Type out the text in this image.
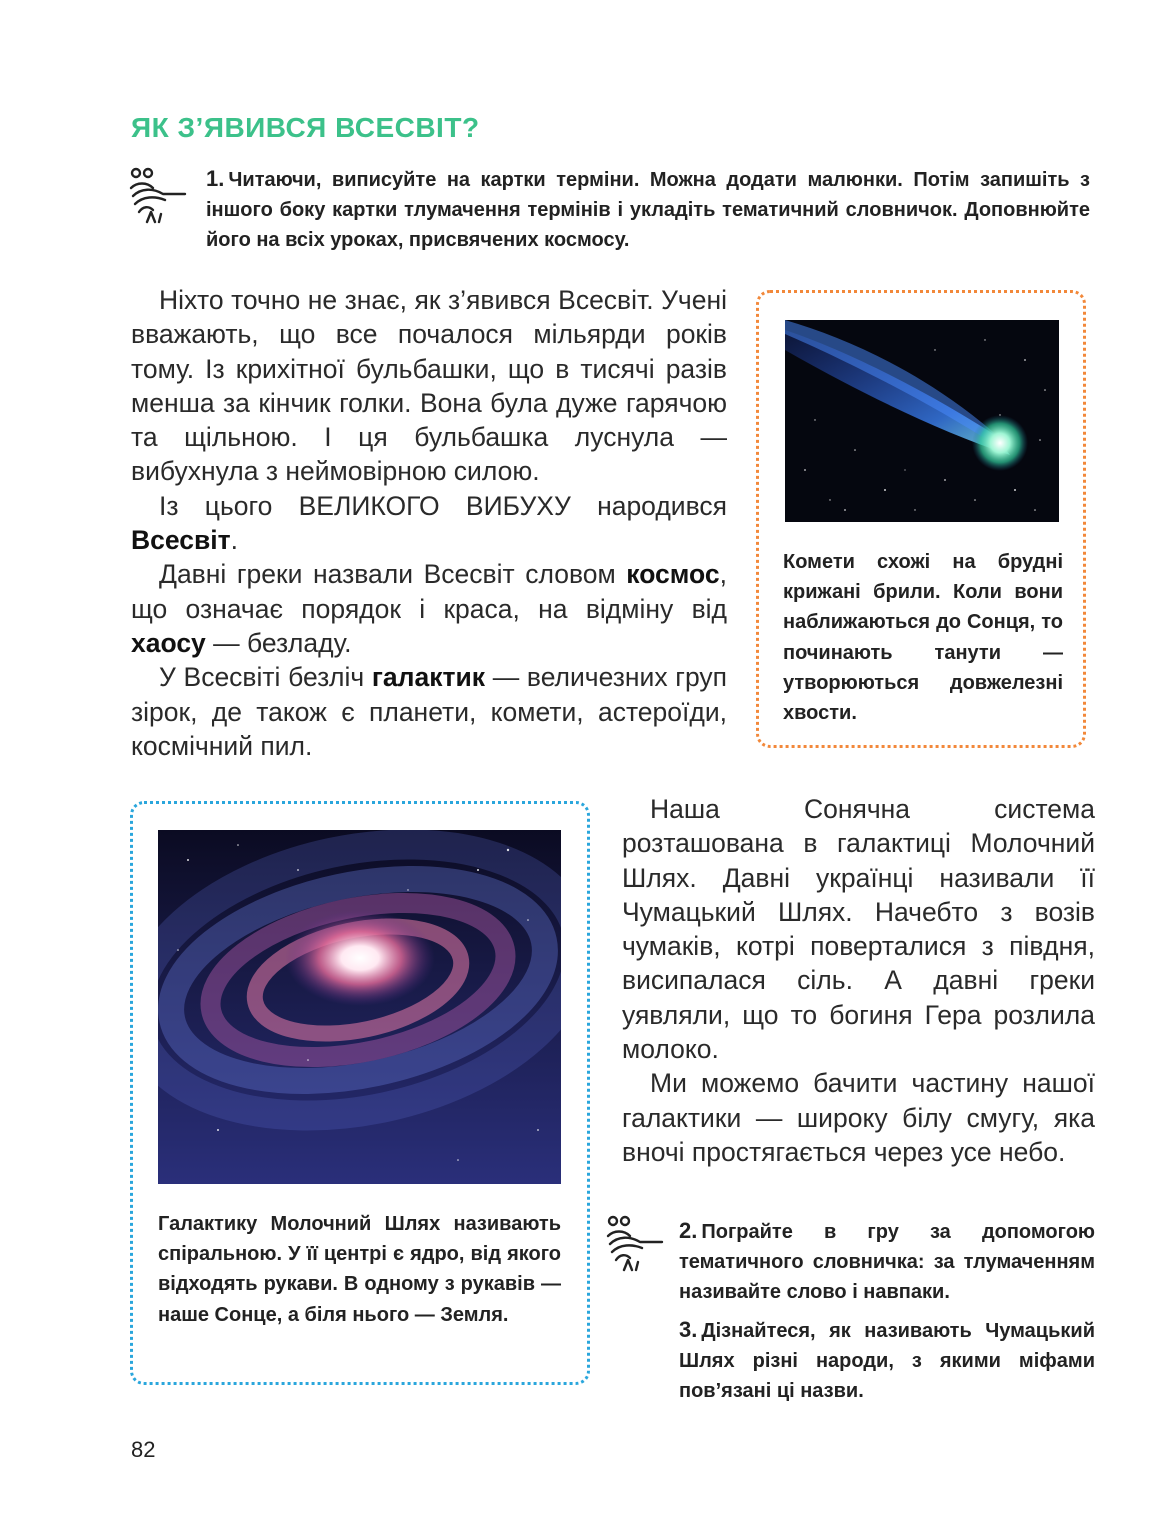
ЯК З’ЯВИВСЯ ВСЕСВІТ?
1. Читаючи, виписуйте на картки терміни. Можна додати малюнки. Потім запишіть з іншого боку картки тлумачення термінів і укладіть тематичний словничок. Доповнюйте його на всіх уроках, присвячених космосу.

Ніхто точно не знає, як з’явився Всесвіт. Учені вважають, що все почалося мільярди років тому. Із крихітної бульбашки, що в тисячі разів менша за кінчик голки. Вона була дуже гарячою та щільною. І ця бульбашка луснула — вибухнула з неймовірною силою.

Із цього ВЕЛИКОГО ВИБУХУ народився Всесвіт.

Давні греки назвали Всесвіт словом космос, що означає порядок і краса, на відміну від хаосу — безладу.

У Всесвіті безліч галактик — величезних груп зірок, де також є планети, комети, астероїди, космічний пил.

Комети схожі на брудні крижані брили. Коли вони наближаються до Сонця, то починають танути — утворюються довжелезні хвости.
Галактику Молочний Шлях називають спіральною. У її центрі є ядро, від якого відходять рукави. В одному з рукавів — наше Сонце, а біля нього — Земля.

Наша Сонячна система розташована в галактиці Молочний Шлях. Давні українці називали її Чумацький Шлях. Начебто з возів чумаків, котрі поверталися з півдня, висипалася сіль. А давні греки уявляли, що то богиня Гера розлила молоко.

Ми можемо бачити частину нашої галактики — широку білу смугу, яка вночі простягається через усе небо.

2. Пограйте в гру за допомогою тематичного словничка: за тлумаченням називайте слово і навпаки.
3. Дізнайтеся, як називають Чумацький Шлях різні народи, з якими міфами пов’язані ці назви.
82
